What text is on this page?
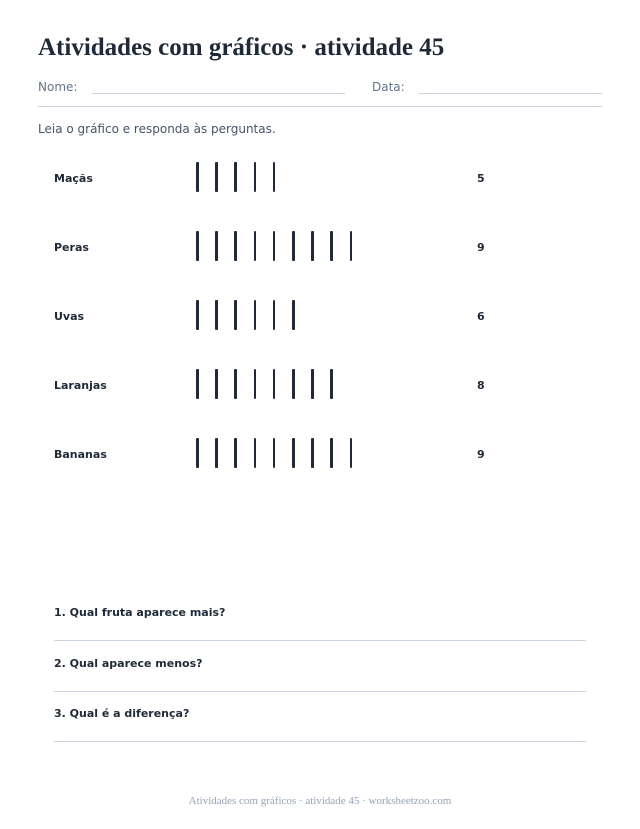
Atividades com gráficos · atividade 45
Nome:	Data:

Leia o gráfico e responda às perguntas.

Maçãs	5
Peras	9
Uvas	6
Laranjas	8
Bananas	9
1. Qual fruta aparece mais?
2. Qual aparece menos?
3. Qual é a diferença?
Atividades com gráficos · atividade 45 · worksheetzoo.com
